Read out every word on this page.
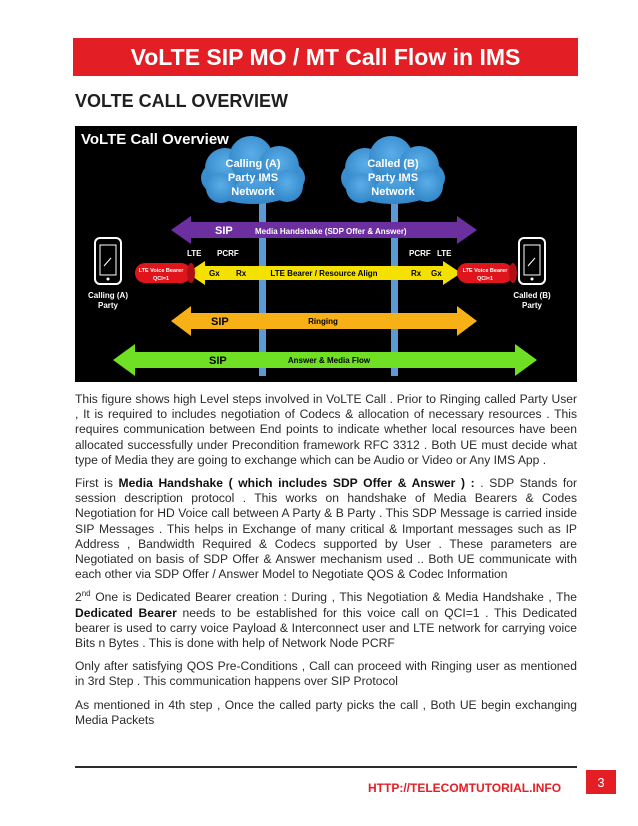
VoLTE SIP MO / MT Call Flow in IMS
VOLTE CALL OVERVIEW
VoLTE Call Overview
Calling (A)
Party IMS
Network
Called (B)
Party IMS
Network
SIP	Media Handshake (SDP Offer & Answer)
LTE PCRF	PCRF LTE
LTE Voice Bearer
QCI=1
LTE Voice Bearer
QCI=1
Gx Rx	LTE Bearer / Resource Align	Rx Gx
Calling (A)
Party
Called (B)
Party
SIP	Ringing
SIP	Answer & Media Flow

This figure shows high Level steps involved in VoLTE Call . Prior to Ringing called Party User , It is required to includes negotiation of Codecs & allocation of necessary resources . This requires communication between End points to indicate whether local resources have been allocated successfully under Precondition framework RFC 3312 . Both UE must decide what type of Media they are going to exchange which can be Audio or Video or Any IMS App .

First is Media Handshake ( which includes SDP Offer & Answer ) : . SDP Stands for session description protocol . This works on handshake of Media Bearers & Codes Negotiation for HD Voice call between A Party & B Party . This SDP Message is carried inside SIP Messages . This helps in Exchange of many critical & Important messages such as IP Address , Bandwidth Required & Codecs supported by User . These parameters are Negotiated on basis of SDP Offer & Answer mechanism used .. Both UE communicate with each other via SDP Offer / Answer Model to Negotiate QOS & Codec Information

2nd One is Dedicated Bearer creation : During , This Negotiation & Media Handshake , The Dedicated Bearer needs to be established for this voice call on QCI=1 . This Dedicated bearer is used to carry voice Payload & Interconnect user and LTE network for carrying voice Bits n Bytes . This is done with help of Network Node PCRF

Only after satisfying QOS Pre-Conditions , Call can proceed with Ringing user as mentioned in 3rd Step . This communication happens over SIP Protocol

As mentioned in 4th step , Once the called party picks the call , Both UE begin exchanging Media Packets

HTTP://TELECOMTUTORIAL.INFO	3
